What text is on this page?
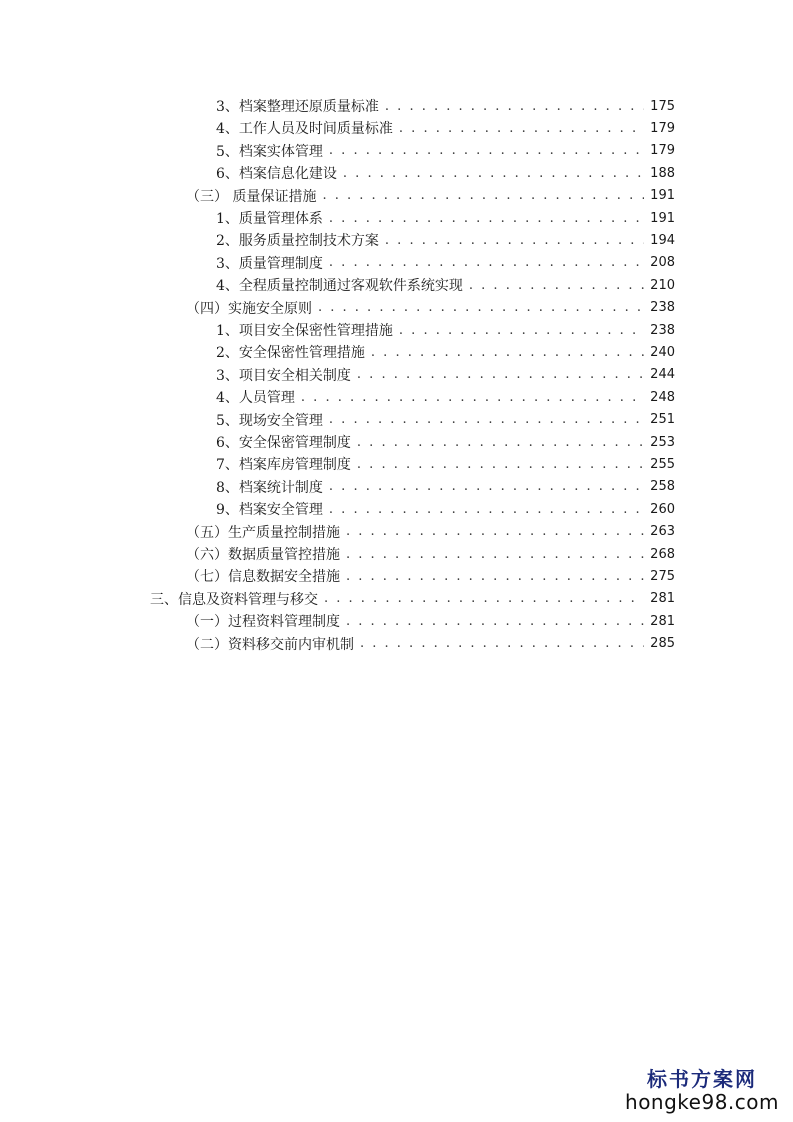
3、档案整理还原质量标准 . . .	175
4、工作人员及时间质量标准 . . .	179
5、档案实体管理 . . .	179
6、档案信息化建设 . . .	188
（三） 质量保证措施 . . .	191
1、质量管理体系 . . .	191
2、服务质量控制技术方案 . . .	194
3、质量管理制度 . . .	208
4、全程质量控制通过客观软件系统实现 . . .	210
（四）实施安全原则 . . .	238
1、项目安全保密性管理措施 . . .	238
2、安全保密性管理措施 . . .	240
3、项目安全相关制度 . . .	244
4、人员管理 . . .	248
5、现场安全管理 . . .	251
6、安全保密管理制度 . . .	253
7、档案库房管理制度 . . .	255
8、档案统计制度 . . .	258
9、档案安全管理 . . .	260
（五）生产质量控制措施 . . .	263
（六）数据质量管控措施 . . .	268
（七）信息数据安全措施 . . .	275
三、信息及资料管理与移交 . . .	281
（一）过程资料管理制度 . . .	281
（二）资料移交前内审机制 . . .	285
标书方案网
hongke98.com
